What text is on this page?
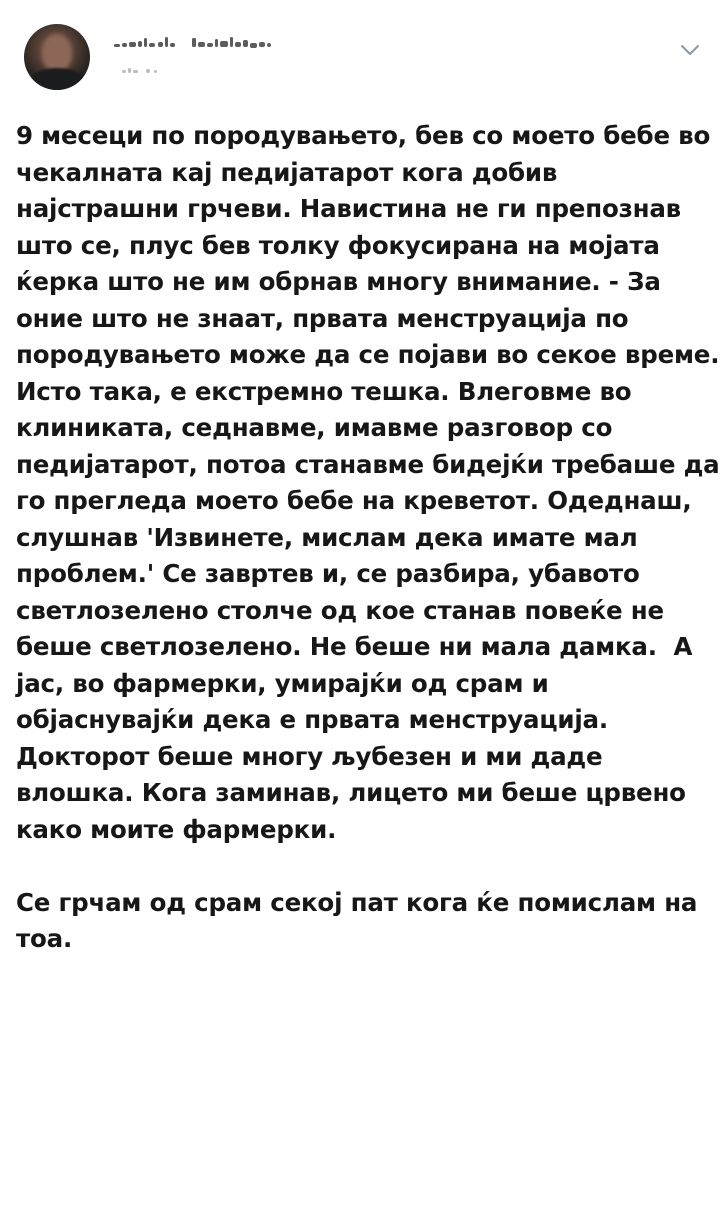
9 месеци по породувањето, бев со моето бебе во чекалната кај педијатарот кога добив најстрашни грчеви. Навистина не ги препознав што се, плус бев толку фокусирана на мојата ќерка што не им обрнав многу внимание. - За оние што не знаат, првата менструација по породувањето може да се појави во секое време. Исто така, е екстремно тешка. Влеговме во клиниката, седнавме, имавме разговор со педијатарот, потоа станавме бидејќи требаше да го прегледа моето бебе на креветот. Одеднаш, слушнав 'Извинете, мислам дека имате мал проблем.' Се завртев и, се разбира, убавото светлозелено столче од кое станав повеќе не беше светлозелено. Не беше ни мала дамка.  А јас, во фармерки, умирајќи од срам и објаснувајќи дека е првата менструација. Докторот беше многу љубезен и ми даде влошка. Кога заминав, лицето ми беше црвено како моите фармерки.

Се грчам од срам секој пат кога ќе помислам на тоа.
